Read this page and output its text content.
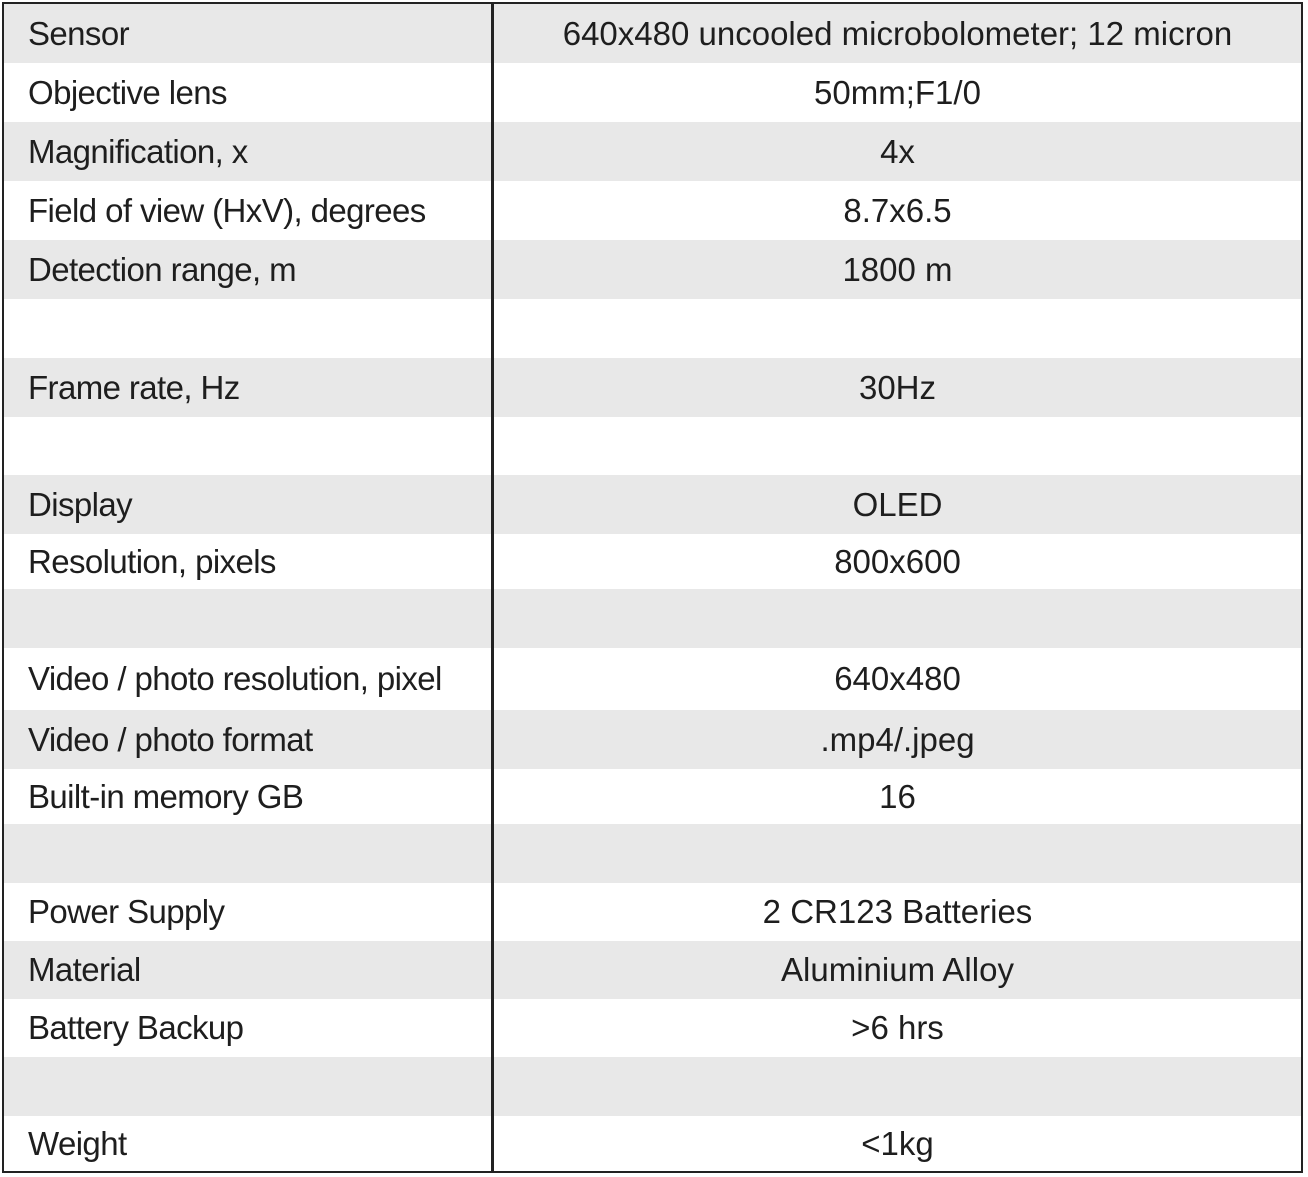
Sensor	640x480 uncooled microbolometer; 12 micron
Objective lens	50mm;F1/0
Magnification, x	4x
Field of view (HxV), degrees	8.7x6.5
Detection range, m	1800 m
Frame rate, Hz	30Hz
Display	OLED
Resolution, pixels	800x600
Video / photo resolution, pixel	640x480
Video / photo format	.mp4/.jpeg
Built-in memory GB	16
Power Supply	2 CR123 Batteries
Material	Aluminium Alloy
Battery Backup	>6 hrs
Weight	<1kg
